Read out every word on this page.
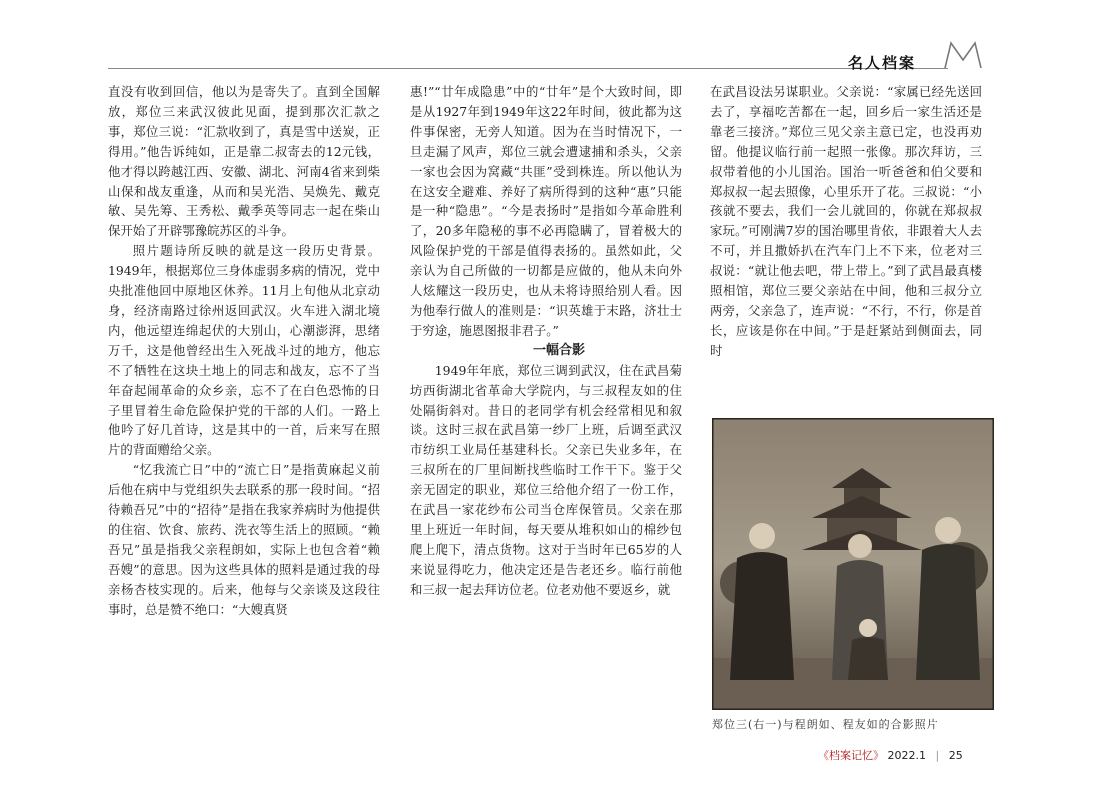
名人档案

直没有收到回信，他以为是寄失了。直到全国解放，郑位三来武汉彼此见面，提到那次汇款之事，郑位三说：“汇款收到了，真是雪中送炭，正得用。”他告诉纯如，正是靠二叔寄去的12元钱，他才得以跨越江西、安徽、湖北、河南4省来到柴山保和战友重逢，从而和吴光浩、吴焕先、戴克敏、吴先筹、王秀松、戴季英等同志一起在柴山保开始了开辟鄂豫皖苏区的斗争。

照片题诗所反映的就是这一段历史背景。1949年，根据郑位三身体虚弱多病的情况，党中央批准他回中原地区休养。11月上旬他从北京动身，经济南路过徐州返回武汉。火车进入湖北境内，他远望连绵起伏的大别山，心潮澎湃，思绪万千，这是他曾经出生入死战斗过的地方，他忘不了牺牲在这块土地上的同志和战友，忘不了当年奋起闹革命的众乡亲，忘不了在白色恐怖的日子里冒着生命危险保护党的干部的人们。一路上他吟了好几首诗，这是其中的一首，后来写在照片的背面赠给父亲。

“忆我流亡日”中的“流亡日”是指黄麻起义前后他在病中与党组织失去联系的那一段时间。“招待赖吾兄”中的“招待”是指在我家养病时为他提供的住宿、饮食、旅药、洗衣等生活上的照顾。“赖吾兄”虽是指我父亲程朗如，实际上也包含着“赖吾嫂”的意思。因为这些具体的照料是通过我的母亲杨杏枝实现的。后来，他每与父亲谈及这段往事时，总是赞不绝口：“大嫂真贤

惠!”“廿年成隐患”中的“廿年”是个大致时间，即是从1927年到1949年这22年时间，彼此都为这件事保密，无旁人知道。因为在当时情况下，一旦走漏了风声，郑位三就会遭逮捕和杀头，父亲一家也会因为窝藏“共匪”受到株连。所以他认为在这安全避难、养好了病所得到的这种“惠”只能是一种“隐患”。“今是表扬时”是指如今革命胜利了，20多年隐秘的事不必再隐瞒了，冒着极大的风险保护党的干部是值得表扬的。虽然如此，父亲认为自己所做的一切都是应做的，他从未向外人炫耀这一段历史，也从未将诗照给别人看。因为他奉行做人的准则是：“识英雄于末路，济壮士于穷途，施恩图报非君子。”

一幅合影

1949年年底，郑位三调到武汉，住在武昌菊坊西街湖北省革命大学院内，与三叔程友如的住处隔街斜对。昔日的老同学有机会经常相见和叙谈。这时三叔在武昌第一纱厂上班，后调至武汉市纺织工业局任基建科长。父亲已失业多年，在三叔所在的厂里间断找些临时工作干下。鉴于父亲无固定的职业，郑位三给他介绍了一份工作，在武昌一家花纱布公司当仓库保管员。父亲在那里上班近一年时间，每天要从堆积如山的棉纱包爬上爬下，清点货物。这对于当时年已65岁的人来说显得吃力，他决定还是告老还乡。临行前他和三叔一起去拜访位老。位老劝他不要返乡，就

在武昌设法另谋职业。父亲说：“家属已经先送回去了，享福吃苦都在一起，回乡后一家生活还是靠老三接济。”郑位三见父亲主意已定，也没再劝留。他提议临行前一起照一张像。那次拜访，三叔带着他的小儿国治。国治一听爸爸和伯父要和郑叔叔一起去照像，心里乐开了花。三叔说：“小孩就不要去，我们一会儿就回的，你就在郑叔叔家玩。”可刚满7岁的国治哪里肯依，非跟着大人去不可，并且撒娇扒在汽车门上不下来，位老对三叔说：“就让他去吧，带上带上。”到了武昌最真楼照相馆，郑位三要父亲站在中间，他和三叔分立两旁，父亲急了，连声说：“不行，不行，你是首长，应该是你在中间。”于是赶紧站到侧面去，同时

郑位三(右一)与程朗如、程友如的合影照片
《档案记忆》 2022.1 | 25
